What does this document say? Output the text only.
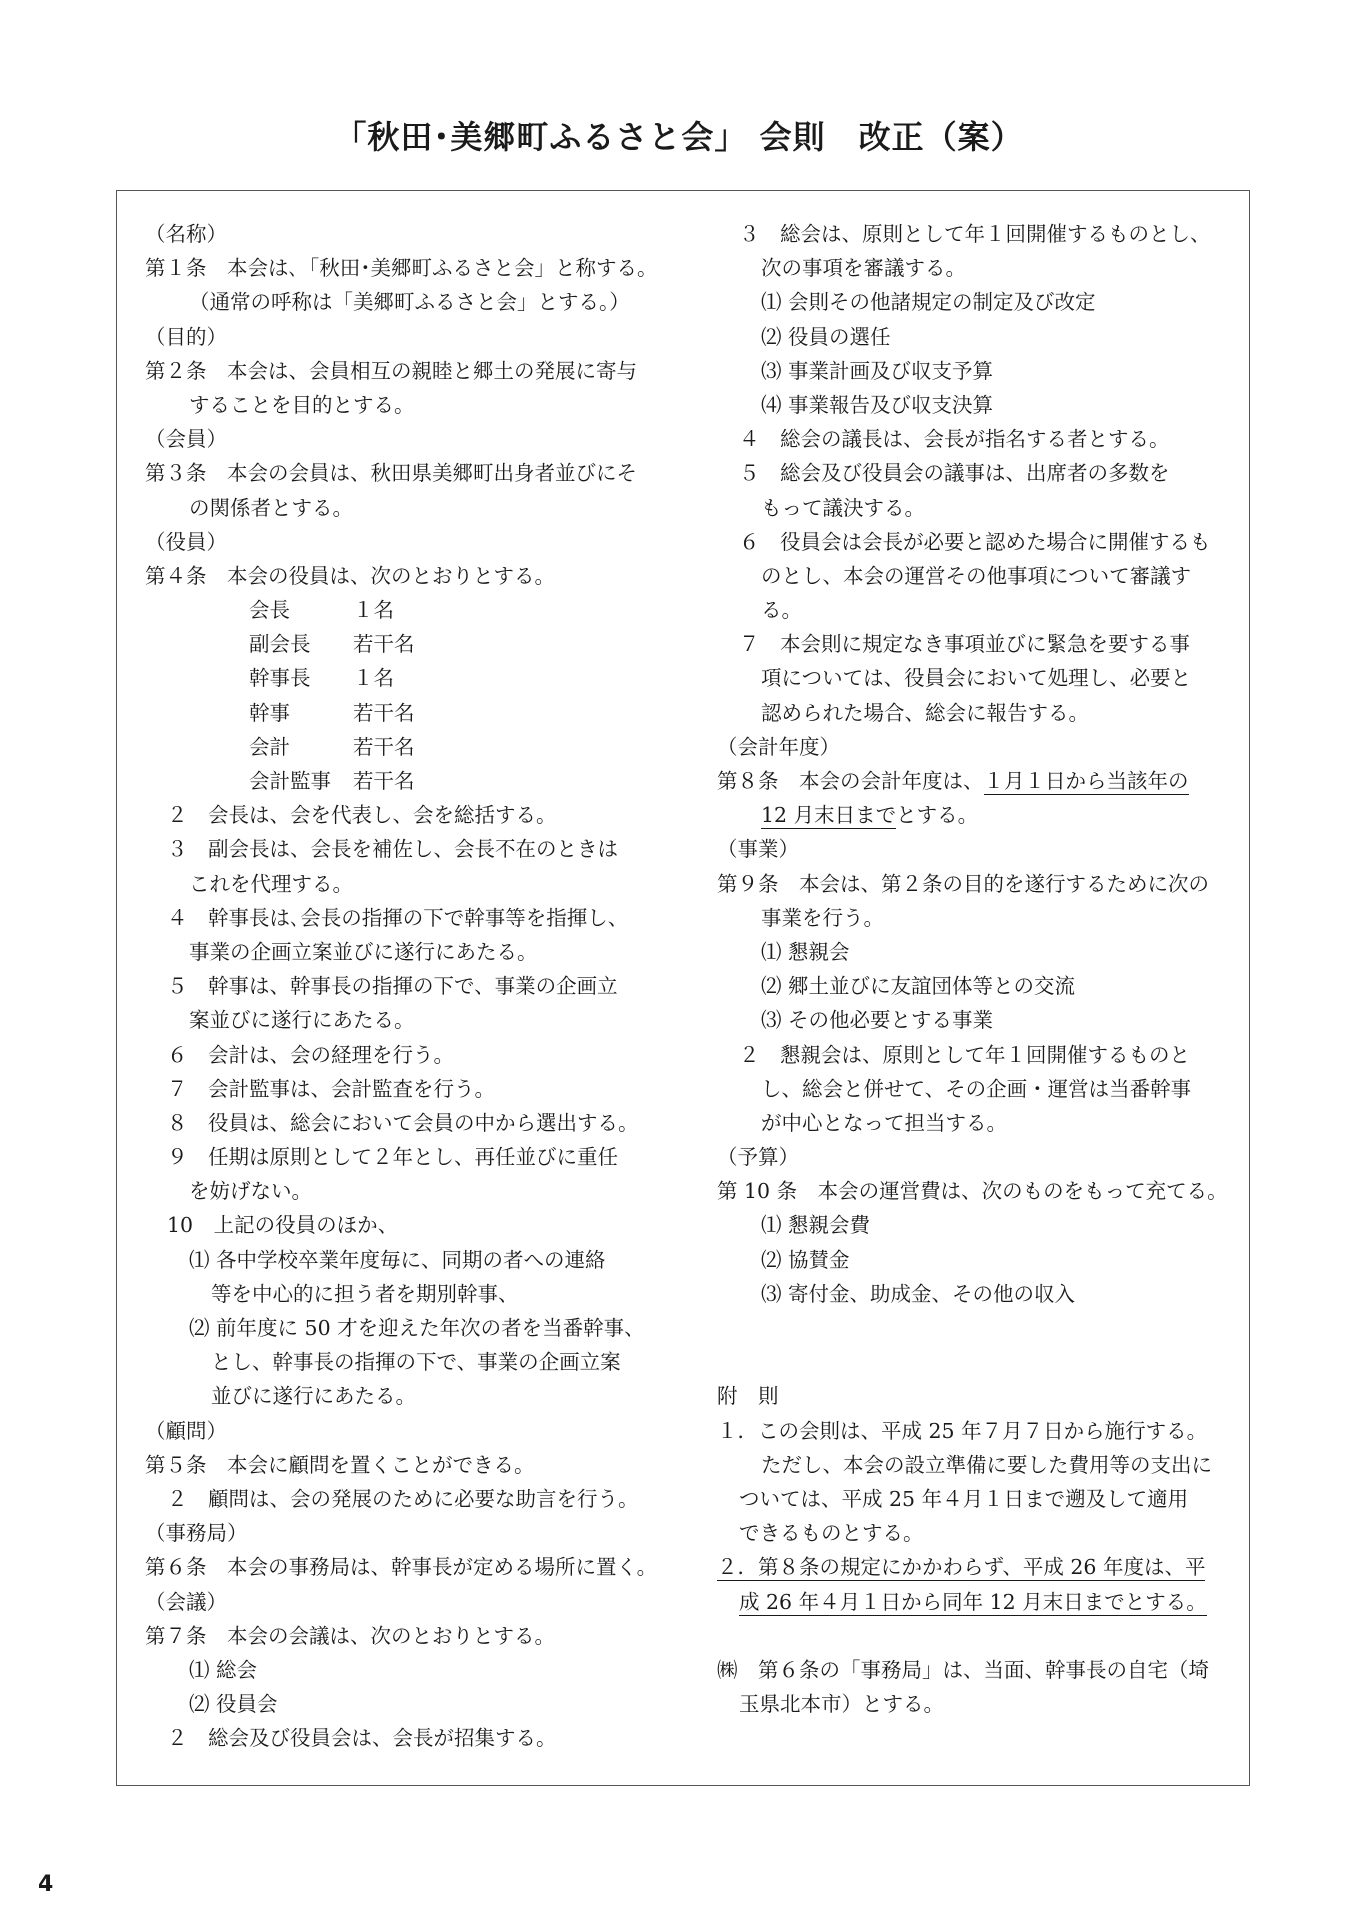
「秋田･美郷町ふるさと会」 会則　改正（案）
（名称）
第１条　本会は､「秋田･美郷町ふるさと会」と称する。
（通常の呼称は「美郷町ふるさと会」とする。）
（目的）
第２条　本会は、会員相互の親睦と郷土の発展に寄与
することを目的とする。
（会員）
第３条　本会の会員は、秋田県美郷町出身者並びにそ
の関係者とする。
（役員）
第４条　本会の役員は、次のとおりとする。
会長	１名
副会長 若干名
幹事長 １名
幹事	若干名
会計	若干名
会計監事 若干名
２　会長は、会を代表し、会を総括する。
３　副会長は、会長を補佐し、会長不在のときは
これを代理する。
４　幹事長は､会長の指揮の下で幹事等を指揮し、
事業の企画立案並びに遂行にあたる。
５　幹事は、幹事長の指揮の下で、事業の企画立
案並びに遂行にあたる。
６　会計は、会の経理を行う。
７　会計監事は、会計監査を行う。
８　役員は、総会において会員の中から選出する。
９　任期は原則として２年とし、再任並びに重任
を妨げない。
10　上記の役員のほか、
⑴ 各中学校卒業年度毎に、同期の者への連絡
等を中心的に担う者を期別幹事、
⑵ 前年度に 50 才を迎えた年次の者を当番幹事、
とし、幹事長の指揮の下で、事業の企画立案
並びに遂行にあたる。
（顧問）
第５条　本会に顧問を置くことができる。
２　顧問は、会の発展のために必要な助言を行う。
（事務局）
第６条　本会の事務局は、幹事長が定める場所に置く。
（会議）
第７条　本会の会議は、次のとおりとする。
⑴ 総会
⑵ 役員会
２　総会及び役員会は、会長が招集する。
３　総会は、原則として年１回開催するものとし、
次の事項を審議する。
⑴ 会則その他諸規定の制定及び改定
⑵ 役員の選任
⑶ 事業計画及び収支予算
⑷ 事業報告及び収支決算
４　総会の議長は、会長が指名する者とする。
５　総会及び役員会の議事は、出席者の多数を
もって議決する。
６　役員会は会長が必要と認めた場合に開催するも
のとし、本会の運営その他事項について審議す
る。
７　本会則に規定なき事項並びに緊急を要する事
項については、役員会において処理し、必要と
認められた場合、総会に報告する。
（会計年度）
第８条　本会の会計年度は、１月１日から当該年の
12 月末日までとする。
（事業）
第９条　本会は、第２条の目的を遂行するために次の
事業を行う。
⑴ 懇親会
⑵ 郷土並びに友誼団体等との交流
⑶ その他必要とする事業
２　懇親会は、原則として年１回開催するものと
し、総会と併せて、その企画・運営は当番幹事
が中心となって担当する。
（予算）
第 10 条　本会の運営費は、次のものをもって充てる。
⑴ 懇親会費
⑵ 協賛金
⑶ 寄付金、助成金、その他の収入
附　則
１．この会則は、平成 25 年７月７日から施行する。
ただし、本会の設立準備に要した費用等の支出に
ついては、平成 25 年４月１日まで遡及して適用
できるものとする。
２．第８条の規定にかかわらず、平成 26 年度は、平
成 26 年４月１日から同年 12 月末日までとする。
㈱　第６条の「事務局」は、当面、幹事長の自宅（埼
玉県北本市）とする。
4
